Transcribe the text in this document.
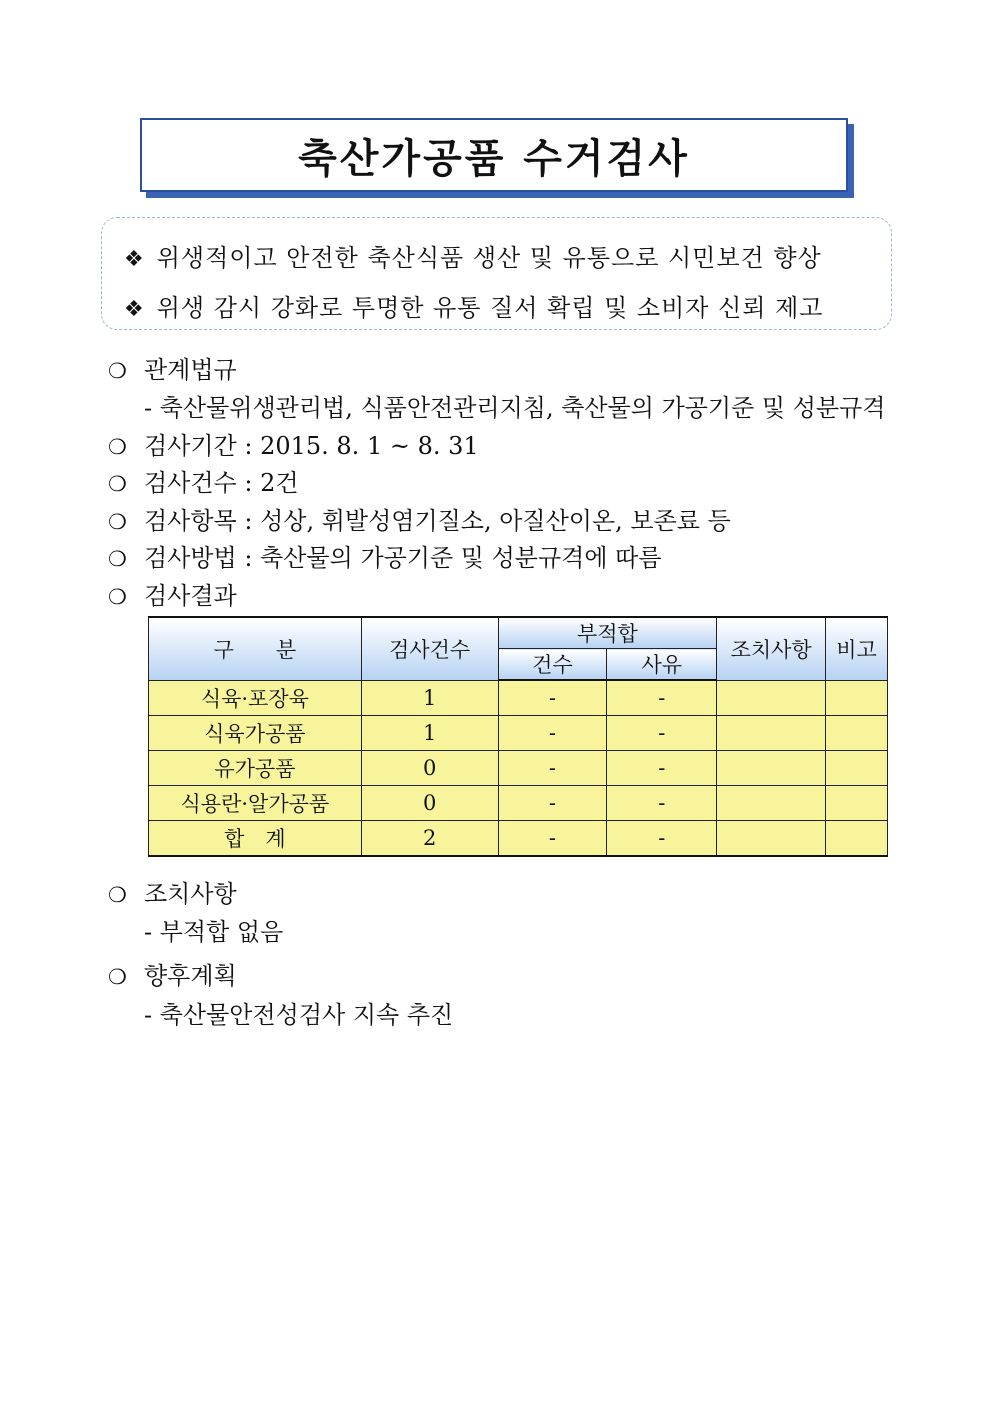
축산가공품 수거검사
❖ 위생적이고 안전한 축산식품 생산 및 유통으로 시민보건 향상
❖ 위생 감시 강화로 투명한 유통 질서 확립 및 소비자 신뢰 제고
❍ 관계법규
- 축산물위생관리법, 식품안전관리지침, 축산물의 가공기준 및 성분규격
❍ 검사기간 : 2015. 8. 1 ~ 8. 31
❍ 검사건수 : 2건
❍ 검사항목 : 성상, 휘발성염기질소, 아질산이온, 보존료 등
❍ 검사방법 : 축산물의 가공기준 및 성분규격에 따름
❍ 검사결과
구　　분	검사건수	부적합		조치사항	비고
		건수	사유		
식육·포장육	1	-	-		
식육가공품	1	-	-		
유가공품	0	-	-		
식용란·알가공품	0	-	-		
합　계	2	-	-		
❍ 조치사항
- 부적합 없음
❍ 향후계획
- 축산물안전성검사 지속 추진
